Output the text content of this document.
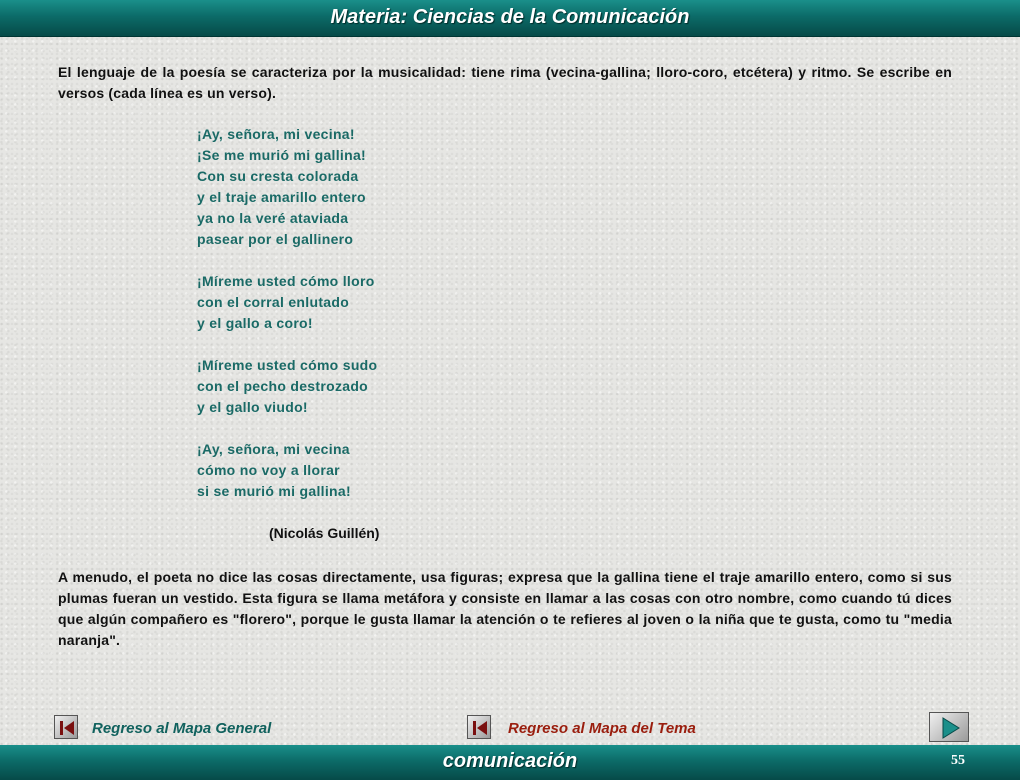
Materia: Ciencias de la Comunicación

El lenguaje de la poesía se caracteriza por la musicalidad: tiene rima (vecina-gallina; lloro-coro, etcétera) y ritmo. Se escribe en versos (cada línea es un verso).

¡Ay, señora, mi vecina!
¡Se me murió mi gallina!
Con su cresta colorada
y el traje amarillo entero
ya no la veré ataviada
pasear por el gallinero
¡Míreme usted cómo lloro
con el corral enlutado
y el gallo a coro!
¡Míreme usted cómo sudo
con el pecho destrozado
y el gallo viudo!
¡Ay, señora, mi vecina
cómo no voy a llorar
si se murió mi gallina!
(Nicolás Guillén)

A menudo, el poeta no dice las cosas directamente, usa figuras; expresa que la gallina tiene el traje amarillo entero, como si sus plumas fueran un vestido. Esta figura se llama metáfora y consiste en llamar a las cosas con otro nombre, como cuando tú dices que algún compañero es "florero", porque le gusta llamar la atención o te refieres al joven o la niña que te gusta, como tu "media naranja".

Regreso al Mapa General	Regreso al Mapa del Tema
comunicación	55
